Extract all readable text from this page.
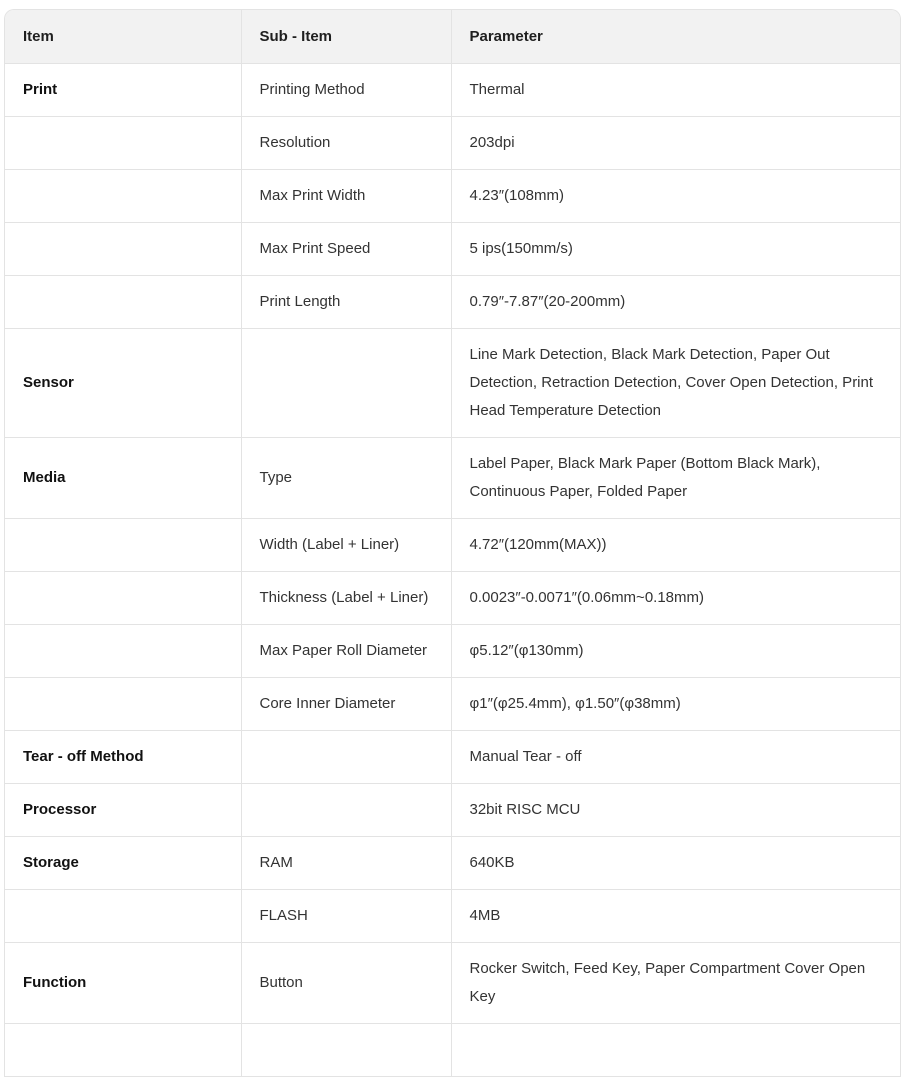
Item	Sub - Item	Parameter
Print	Printing Method	Thermal
	Resolution	203dpi
	Max Print Width	4.23″(108mm)
	Max Print Speed	5 ips(150mm/s)
	Print Length	0.79″-7.87″(20-200mm)
Sensor		Line Mark Detection, Black Mark Detection, Paper Out Detection, Retraction Detection, Cover Open Detection, Print Head Temperature Detection
Media	Type	Label Paper, Black Mark Paper (Bottom Black Mark), Continuous Paper, Folded Paper
	Width (Label + Liner)	4.72″(120mm(MAX))
	Thickness (Label + Liner)	0.0023″-0.0071″(0.06mm~0.18mm)
	Max Paper Roll Diameter	φ5.12″(φ130mm)
	Core Inner Diameter	φ1″(φ25.4mm), φ1.50″(φ38mm)
Tear - off Method		Manual Tear - off
Processor		32bit RISC MCU
Storage	RAM	640KB
	FLASH	4MB
Function	Button	Rocker Switch, Feed Key, Paper Compartment Cover Open Key
